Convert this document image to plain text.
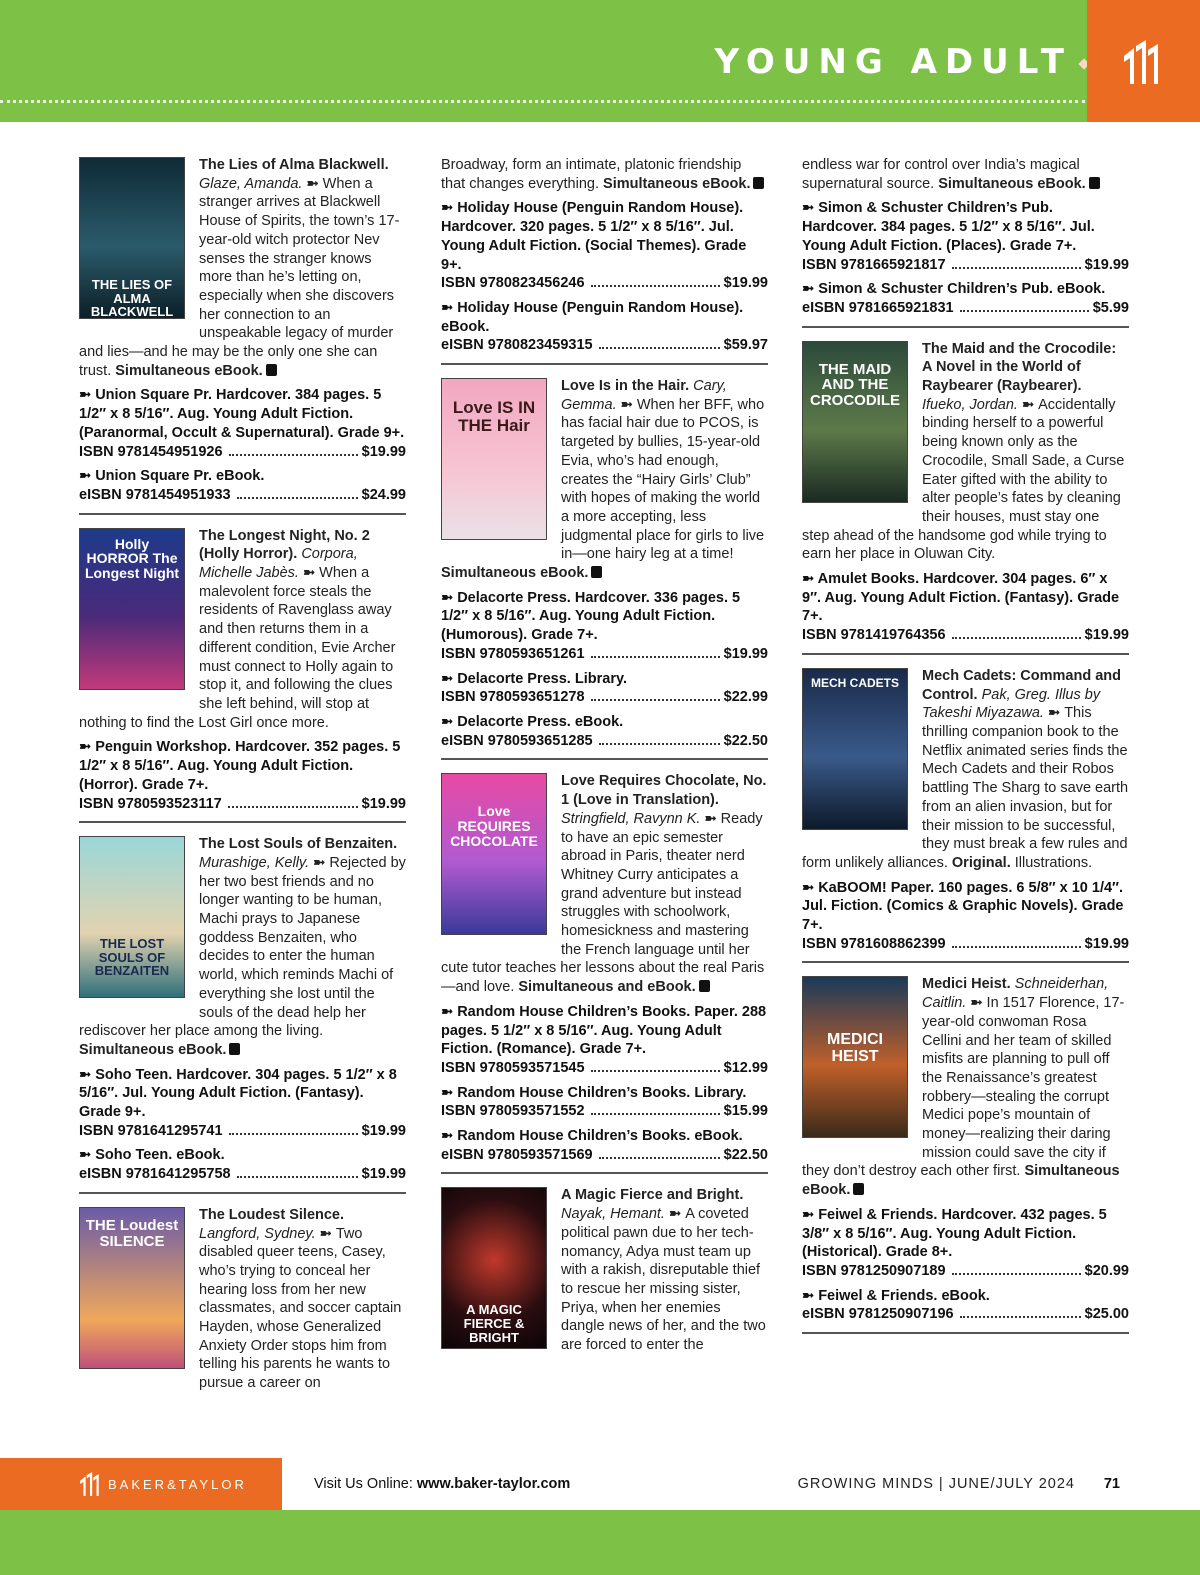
YOUNG ADULT
THE LIES OF ALMA BLACKWELL
The Lies of Alma Blackwell. Glaze, Amanda. ➼ When a stranger arrives at Blackwell House of Spirits, the town’s 17-year-old witch protector Nev senses the stranger knows more than he’s letting on, especially when she discovers her connection to an unspeakable legacy of murder and lies—and he may be the only one she can trust. Simultaneous eBook.
➼ Union Square Pr. Hardcover. 384 pages. 5 1/2″ x 8 5/16″. Aug. Young Adult Fiction. (Paranormal, Occult & Supernatural). Grade 9+.
ISBN 9781454951926	$19.99
➼ Union Square Pr. eBook.
eISBN 9781454951933	$24.99
Holly HORROR The Longest Night
The Longest Night, No. 2 (Holly Horror). Corpora, Michelle Jabès. ➼ When a malevolent force steals the residents of Ravenglass away and then returns them in a different condition, Evie Archer must connect to Holly again to stop it, and following the clues she left behind, will stop at nothing to find the Lost Girl once more.
➼ Penguin Workshop. Hardcover. 352 pages. 5 1/2″ x 8 5/16″. Aug. Young Adult Fiction. (Horror). Grade 7+.
ISBN 9780593523117	$19.99
THE LOST SOULS OF BENZAITEN
The Lost Souls of Benzaiten. Murashige, Kelly. ➼ Rejected by her two best friends and no longer wanting to be human, Machi prays to Japanese goddess Benzaiten, who decides to enter the human world, which reminds Machi of everything she lost until the souls of the dead help her rediscover her place among the living. Simultaneous eBook.
➼ Soho Teen. Hardcover. 304 pages. 5 1/2″ x 8 5/16″. Jul. Young Adult Fiction. (Fantasy). Grade 9+.
ISBN 9781641295741	$19.99
➼ Soho Teen. eBook.
eISBN 9781641295758	$19.99
THE Loudest SILENCE
The Loudest Silence. Langford, Sydney. ➼ Two disabled queer teens, Casey, who’s trying to conceal her hearing loss from her new classmates, and soccer captain Hayden, whose Generalized Anxiety Order stops him from telling his parents he wants to pursue a career on
Broadway, form an intimate, platonic friendship that changes everything. Simultaneous eBook.
➼ Holiday House (Penguin Random House). Hardcover. 320 pages. 5 1/2″ x 8 5/16″. Jul. Young Adult Fiction. (Social Themes). Grade 9+.
ISBN 9780823456246	$19.99
➼ Holiday House (Penguin Random House). eBook.
eISBN 9780823459315	$59.97
Love IS IN THE Hair
Love Is in the Hair. Cary, Gemma. ➼ When her BFF, who has facial hair due to PCOS, is targeted by bullies, 15-year-old Evia, who’s had enough, creates the “Hairy Girls’ Club” with hopes of making the world a more accepting, less judgmental place for girls to live in—one hairy leg at a time! Simultaneous eBook.
➼ Delacorte Press. Hardcover. 336 pages. 5 1/2″ x 8 5/16″. Aug. Young Adult Fiction. (Humorous). Grade 7+.
ISBN 9780593651261	$19.99
➼ Delacorte Press. Library.
ISBN 9780593651278	$22.99
➼ Delacorte Press. eBook.
eISBN 9780593651285	$22.50
Love REQUIRES CHOCOLATE
Love Requires Chocolate, No. 1 (Love in Translation). Stringfield, Ravynn K. ➼ Ready to have an epic semester abroad in Paris, theater nerd Whitney Curry anticipates a grand adventure but instead struggles with schoolwork, homesickness and mastering the French language until her cute tutor teaches her lessons about the real Paris—and love. Simultaneous and eBook.
➼ Random House Children’s Books. Paper. 288 pages. 5 1/2″ x 8 5/16″. Aug. Young Adult Fiction. (Romance). Grade 7+.
ISBN 9780593571545	$12.99
➼ Random House Children’s Books. Library.
ISBN 9780593571552	$15.99
➼ Random House Children’s Books. eBook.
eISBN 9780593571569	$22.50
A MAGIC FIERCE & BRIGHT
A Magic Fierce and Bright. Nayak, Hemant. ➼ A coveted political pawn due to her technomancy, Adya must team up with a rakish, disreputable thief to rescue her missing sister, Priya, when her enemies dangle news of her, and the two are forced to enter the
endless war for control over India’s magical supernatural source. Simultaneous eBook.
➼ Simon & Schuster Children’s Pub. Hardcover. 384 pages. 5 1/2″ x 8 5/16″. Jul. Young Adult Fiction. (Places). Grade 7+.
ISBN 9781665921817	$19.99
➼ Simon & Schuster Children’s Pub. eBook.
eISBN 9781665921831	$5.99
THE MAID AND THE CROCODILE
The Maid and the Crocodile: A Novel in the World of Raybearer (Raybearer). Ifueko, Jordan. ➼ Accidentally binding herself to a powerful being known only as the Crocodile, Small Sade, a Curse Eater gifted with the ability to alter people’s fates by cleaning their houses, must stay one step ahead of the handsome god while trying to earn her place in Oluwan City.
➼ Amulet Books. Hardcover. 304 pages. 6″ x 9″. Aug. Young Adult Fiction. (Fantasy). Grade 7+.
ISBN 9781419764356	$19.99
MECH CADETS Mech Cadets: Command and Control. Pak, Greg. Illus by Takeshi Miyazawa. ➼ This thrilling companion book to the Netflix animated series finds the Mech Cadets and their Robos battling The Sharg to save earth from an alien invasion, but for their mission to be successful, they must break a few rules and form unlikely alliances. Original. Illustrations.
➼ KaBOOM! Paper. 160 pages. 6 5/8″ x 10 1/4″. Jul. Fiction. (Comics & Graphic Novels). Grade 7+.
ISBN 9781608862399	$19.99
MEDICI HEIST
Medici Heist. Schneiderhan, Caitlin. ➼ In 1517 Florence, 17-year-old conwoman Rosa Cellini and her team of skilled misfits are planning to pull off the Renaissance’s greatest robbery—stealing the corrupt Medici pope’s mountain of money—realizing their daring mission could save the city if they don’t destroy each other first. Simultaneous eBook.
➼ Feiwel & Friends. Hardcover. 432 pages. 5 3/8″ x 8 5/16″. Aug. Young Adult Fiction. (Historical). Grade 8+.
ISBN 9781250907189	$20.99
➼ Feiwel & Friends. eBook.
eISBN 9781250907196	$25.00
BAKER&TAYLOR	Visit Us Online: www.baker-taylor.com	GROWING MINDS | JUNE/JULY 2024 71
